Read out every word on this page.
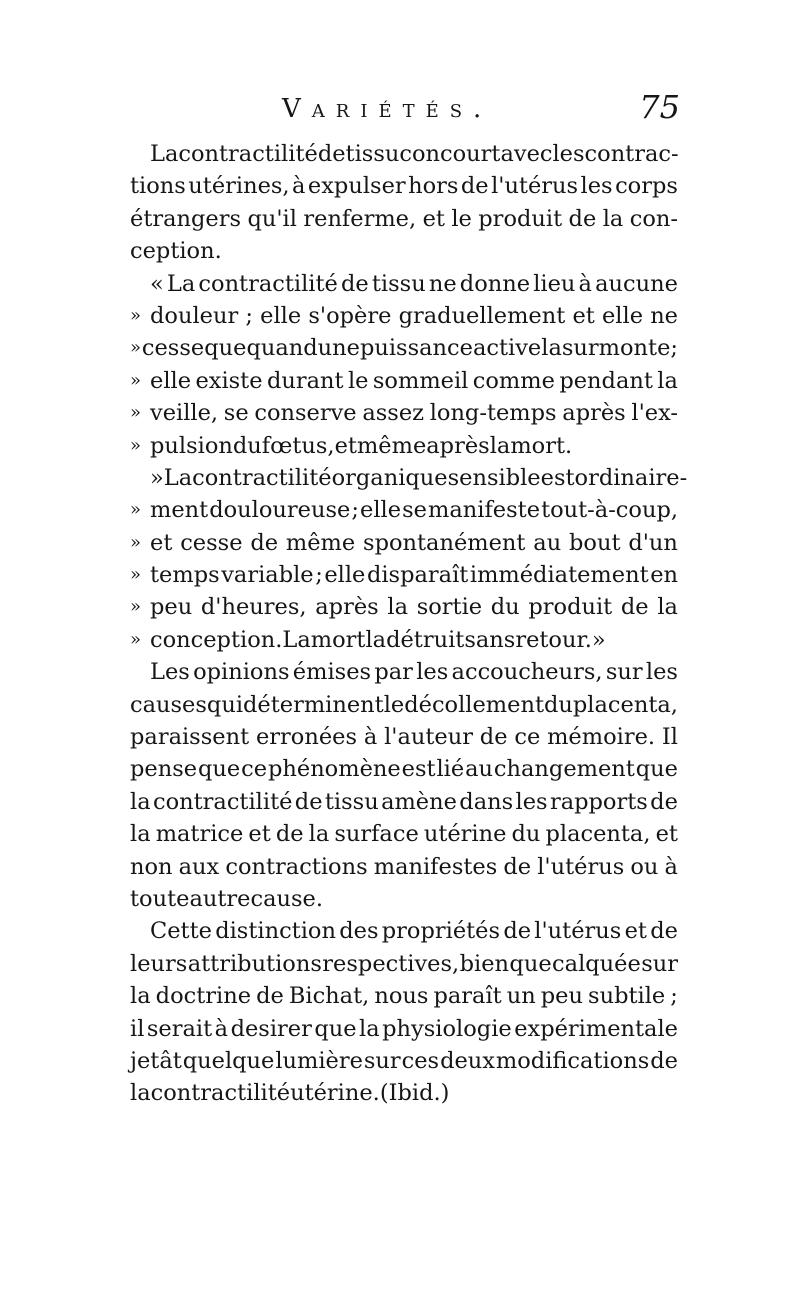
Variétés.	75
La contractilité de tissu concourt avec les contrac-
tions utérines, à expulser hors de l'utérus les corps
étrangers qu'il renferme, et le produit de la con-
ception.
« La contractilité de tissu ne donne lieu à aucune
» douleur ; elle s'opère graduellement et elle ne
» cesse que quand une puissance active la surmonte ;
» elle existe durant le sommeil comme pendant la
» veille, se conserve assez long-temps après l'ex-
» pulsion du fœtus, et même après la mort.
» La contractilité organique sensible est ordinaire-
» ment douloureuse ; elle se manifeste tout-à-coup,
» et cesse de même spontanément au bout d'un
» temps variable ; elle disparaît immédiatement en
» peu d'heures, après la sortie du produit de la
» conception. La mort la détruit sans retour. »
Les opinions émises par les accoucheurs, sur les
causes qui déterminent le décollement du placenta,
paraissent erronées à l'auteur de ce mémoire. Il
pense que ce phénomène est lié au changement que
la contractilité de tissu amène dans les rapports de
la matrice et de la surface utérine du placenta, et
non aux contractions manifestes de l'utérus ou à
toute autre cause.
Cette distinction des propriétés de l'utérus et de
leurs attributions respectives, bien que calquée sur
la doctrine de Bichat, nous paraît un peu subtile ;
il serait à desirer que la physiologie expérimentale
jetât quelque lumière sur ces deux modifications de
la contractilité utérine. ( Ibid. )
